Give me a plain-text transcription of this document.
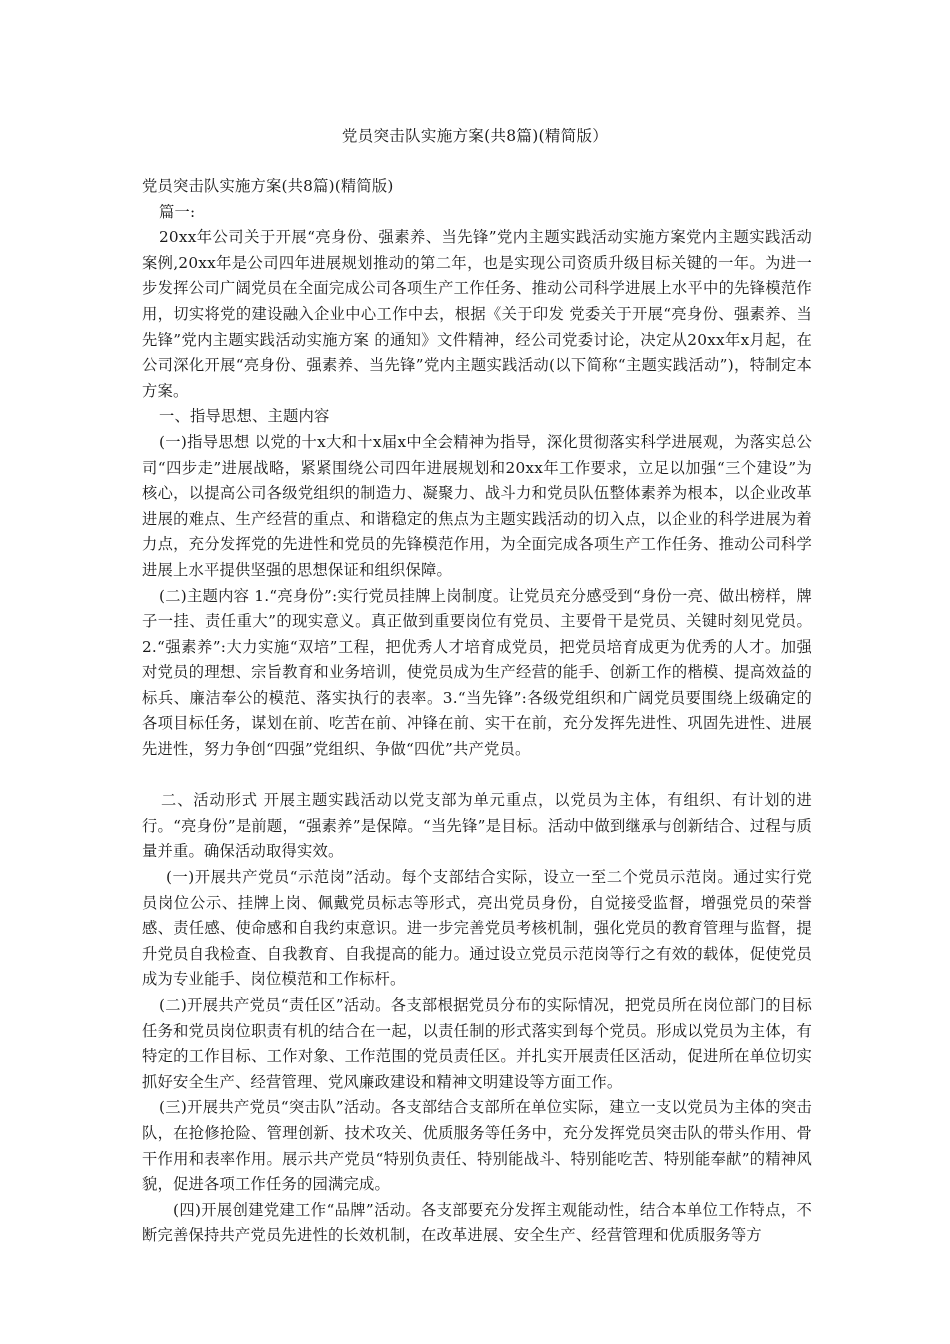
党员突击队实施方案(共8篇)(精简版）

党员突击队实施方案(共8篇)(精简版)

篇一:

20xx年公司关于开展“亮身份、强素养、当先锋”党内主题实践活动实施方案党内主题实践活动案例,20xx年是公司四年进展规划推动的第二年，也是实现公司资质升级目标关键的一年。为进一步发挥公司广阔党员在全面完成公司各项生产工作任务、推动公司科学进展上水平中的先锋模范作用，切实将党的建设融入企业中心工作中去，根据《关于印发 党委关于开展“亮身份、强素养、当先锋”党内主题实践活动实施方案 的通知》文件精神，经公司党委讨论，决定从20xx年x月起，在公司深化开展“亮身份、强素养、当先锋”党内主题实践活动(以下简称“主题实践活动”)，特制定本方案。

一、指导思想、主题内容

(一)指导思想 以党的十x大和十x届x中全会精神为指导，深化贯彻落实科学进展观，为落实总公司“四步走”进展战略，紧紧围绕公司四年进展规划和20xx年工作要求，立足以加强“三个建设”为核心，以提高公司各级党组织的制造力、凝聚力、战斗力和党员队伍整体素养为根本，以企业改革进展的难点、生产经营的重点、和谐稳定的焦点为主题实践活动的切入点，以企业的科学进展为着力点，充分发挥党的先进性和党员的先锋模范作用，为全面完成各项生产工作任务、推动公司科学进展上水平提供坚强的思想保证和组织保障。

(二)主题内容 1.“亮身份”:实行党员挂牌上岗制度。让党员充分感受到“身份一亮、做出榜样，牌子一挂、责任重大”的现实意义。真正做到重要岗位有党员、主要骨干是党员、关键时刻见党员。2.“强素养”:大力实施“双培”工程，把优秀人才培育成党员，把党员培育成更为优秀的人才。加强对党员的理想、宗旨教育和业务培训，使党员成为生产经营的能手、创新工作的楷模、提高效益的标兵、廉洁奉公的模范、落实执行的表率。3.“当先锋”:各级党组织和广阔党员要围绕上级确定的各项目标任务，谋划在前、吃苦在前、冲锋在前、实干在前，充分发挥先进性、巩固先进性、进展先进性，努力争创“四强”党组织、争做“四优”共产党员。

二、活动形式 开展主题实践活动以党支部为单元重点，以党员为主体，有组织、有计划的进行。“亮身份”是前题，“强素养”是保障。“当先锋”是目标。活动中做到继承与创新结合、过程与质量并重。确保活动取得实效。

(一)开展共产党员“示范岗”活动。每个支部结合实际，设立一至二个党员示范岗。通过实行党员岗位公示、挂牌上岗、佩戴党员标志等形式，亮出党员身份，自觉接受监督，增强党员的荣誉感、责任感、使命感和自我约束意识。进一步完善党员考核机制，强化党员的教育管理与监督，提升党员自我检查、自我教育、自我提高的能力。通过设立党员示范岗等行之有效的载体，促使党员成为专业能手、岗位模范和工作标杆。

(二)开展共产党员“责任区”活动。各支部根据党员分布的实际情况，把党员所在岗位部门的目标任务和党员岗位职责有机的结合在一起，以责任制的形式落实到每个党员。形成以党员为主体，有特定的工作目标、工作对象、工作范围的党员责任区。并扎实开展责任区活动，促进所在单位切实抓好安全生产、经营管理、党风廉政建设和精神文明建设等方面工作。

(三)开展共产党员“突击队”活动。各支部结合支部所在单位实际，建立一支以党员为主体的突击队，在抢修抢险、管理创新、技术攻关、优质服务等任务中，充分发挥党员突击队的带头作用、骨干作用和表率作用。展示共产党员“特别负责任、特别能战斗、特别能吃苦、特别能奉献”的精神风貌，促进各项工作任务的园满完成。

(四)开展创建党建工作“品牌”活动。各支部要充分发挥主观能动性，结合本单位工作特点，不断完善保持共产党员先进性的长效机制，在改革进展、安全生产、经营管理和优质服务等方
